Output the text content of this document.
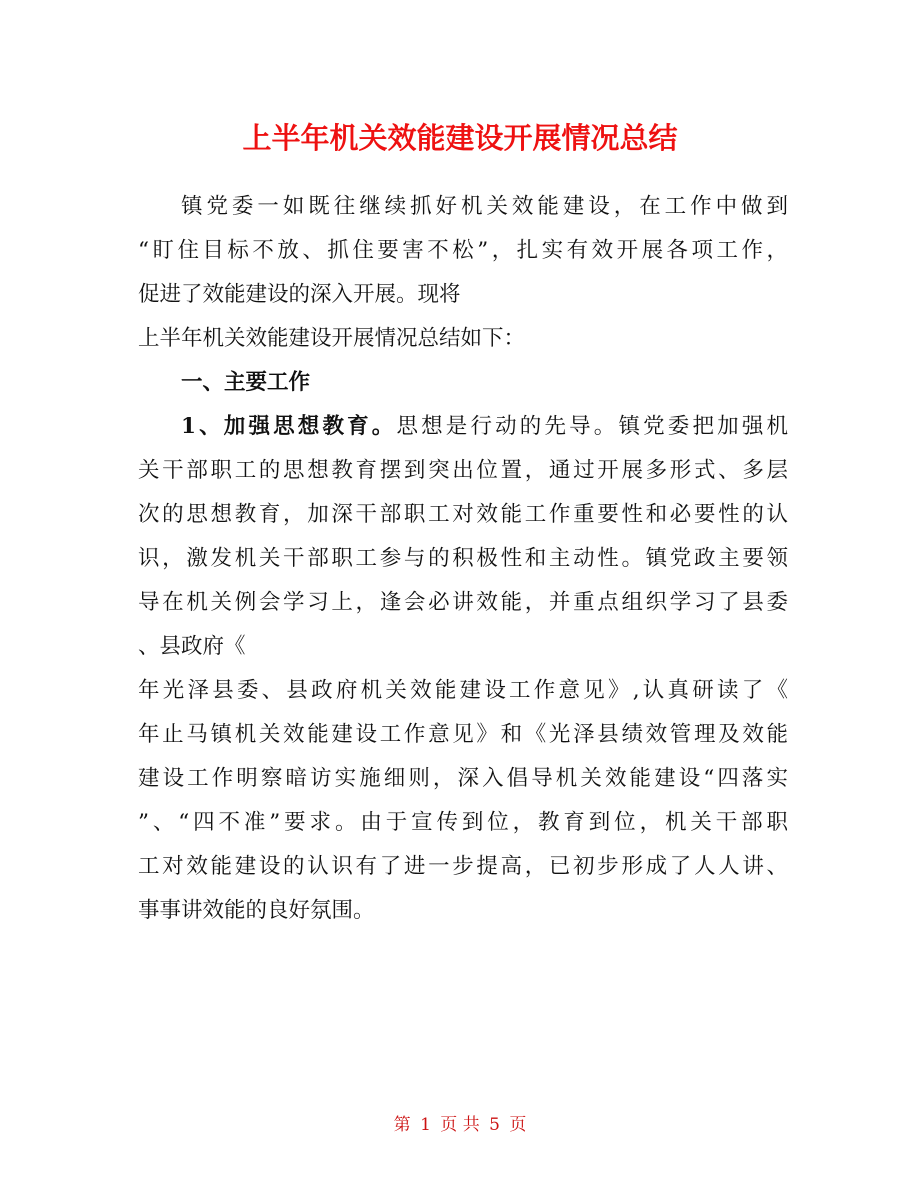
上半年机关效能建设开展情况总结
镇党委一如既往继续抓好机关效能建设，在工作中做到
“盯住目标不放、抓住要害不松”，扎实有效开展各项工作，
促进了效能建设的深入开展。现将
上半年机关效能建设开展情况总结如下：
一、主要工作
1、加强思想教育。思想是行动的先导。镇党委把加强机
关干部职工的思想教育摆到突出位置，通过开展多形式、多层
次的思想教育，加深干部职工对效能工作重要性和必要性的认
识，激发机关干部职工参与的积极性和主动性。镇党政主要领
导在机关例会学习上，逢会必讲效能，并重点组织学习了县委
、县政府《
年光泽县委、县政府机关效能建设工作意见》,认真研读了《
年止马镇机关效能建设工作意见》和《光泽县绩效管理及效能
建设工作明察暗访实施细则，深入倡导机关效能建设“四落实
”、“四不准”要求。由于宣传到位，教育到位，机关干部职
工对效能建设的认识有了进一步提高，已初步形成了人人讲、
事事讲效能的良好氛围。
第 1 页 共 5 页
